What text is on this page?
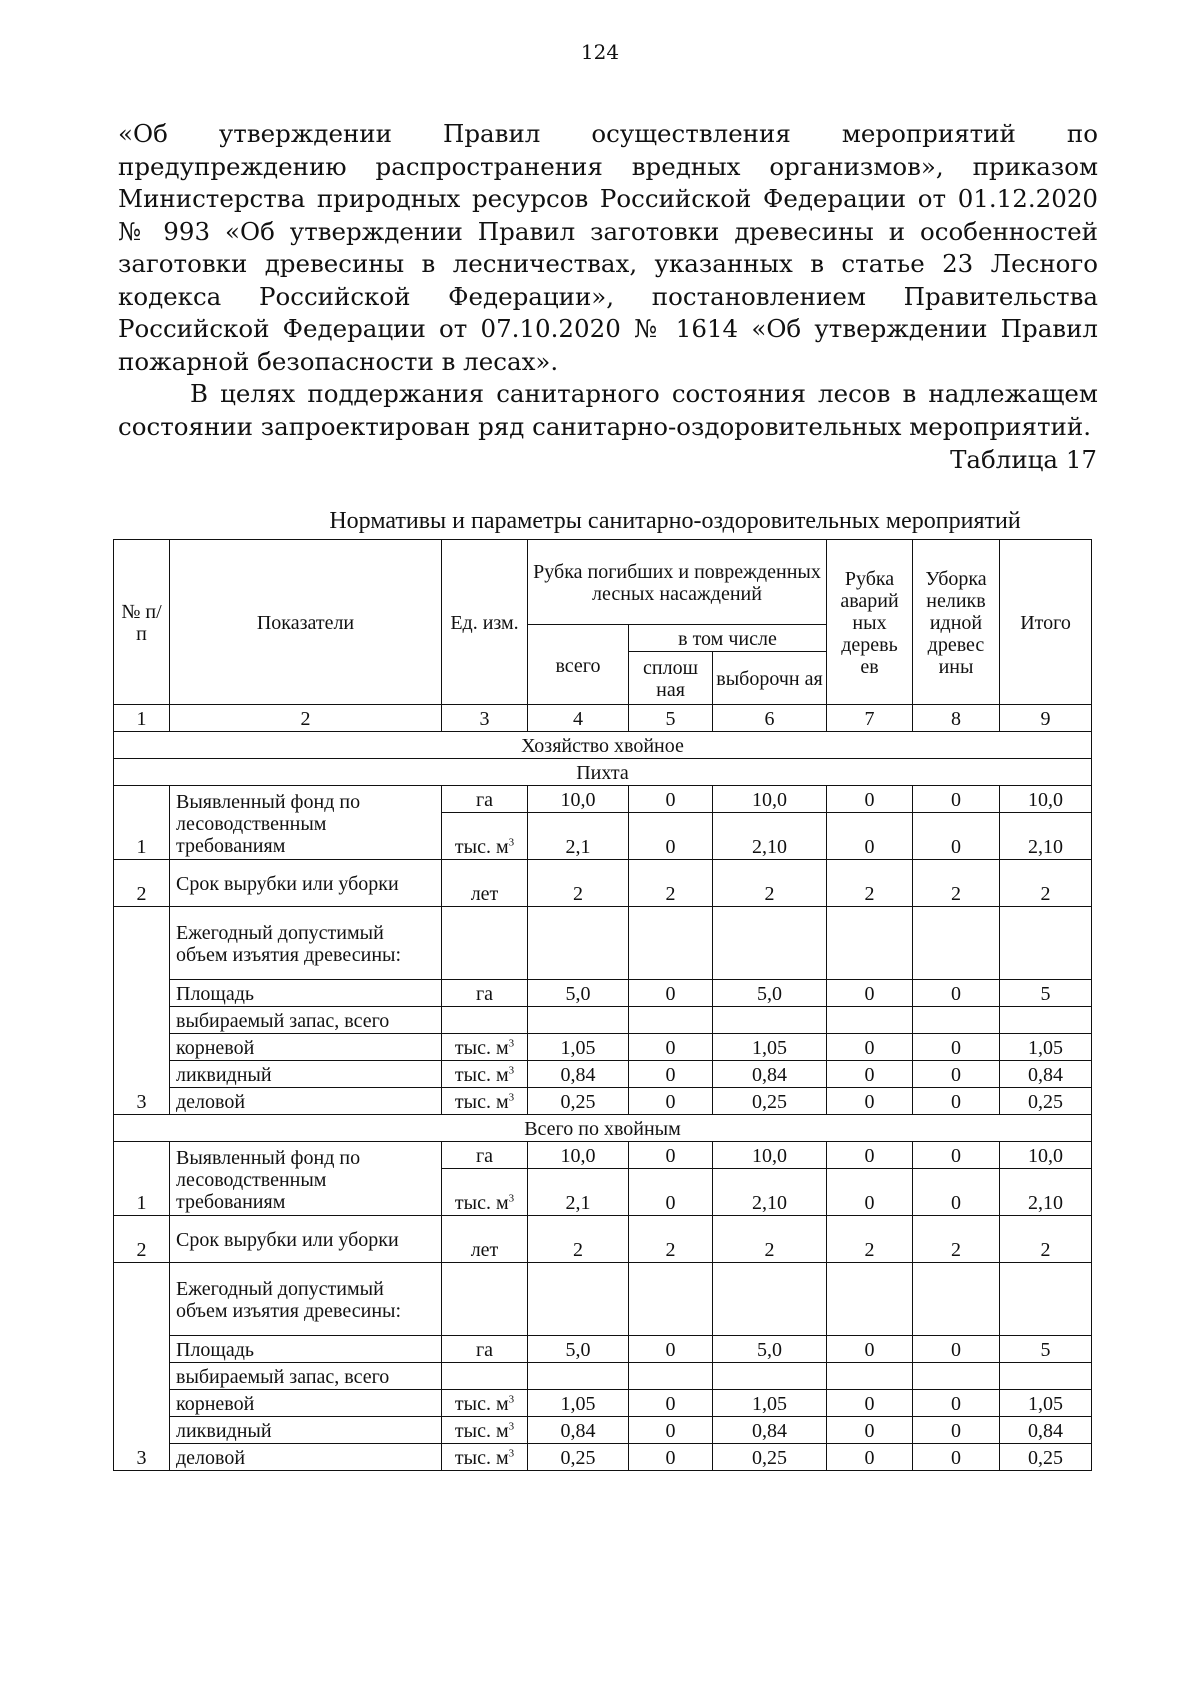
124

«Об утверждении Правил осуществления мероприятий по предупреждению распространения вредных организмов», приказом Министерства природных ресурсов Российской Федерации от 01.12.2020 № 993 «Об утверждении Правил заготовки древесины и особенностей заготовки древесины в лесничествах, указанных в статье 23 Лесного кодекса Российской Федерации», постановлением Правительства Российской Федерации от 07.10.2020 № 1614 «Об утверждении Правил пожарной безопасности в лесах».

В целях поддержания санитарного состояния лесов в надлежащем состоянии запроектирован ряд санитарно-оздоровительных мероприятий.

Таблица 17
Нормативы и параметры санитарно-оздоровительных мероприятий
№ п/п	Показатели	Ед. изм.	Рубка погибших и поврежденных лесных насаждений			Рубка аварий ных деревь ев	Уборка неликв идной древес ины	Итого
			всего	в том числе				
				сплош ная	выборочн ая			
1	2	3	4	5	6	7	8	9
Хозяйство хвойное								
Пихта								
1	Выявленный фонд по лесоводственным требованиям	га	10,0	0	10,0	0	0	10,0
		тыс. $м^3$	2,1	0	2,10	0	0	2,10
2	Срок вырубки или уборки	лет	2	2	2	2	2	2
3	Ежегодный допустимый объем изъятия древесины:							
	Площадь	га	5,0	0	5,0	0	0	5
	выбираемый запас, всего							
	корневой	тыс. $м^3$	1,05	0	1,05	0	0	1,05
	ликвидный	тыс. $м^3$	0,84	0	0,84	0	0	0,84
	деловой	тыс. $м^3$	0,25	0	0,25	0	0	0,25
Всего по хвойным								
1	Выявленный фонд по лесоводственным требованиям	га	10,0	0	10,0	0	0	10,0
		тыс. $м^3$	2,1	0	2,10	0	0	2,10
2	Срок вырубки или уборки	лет	2	2	2	2	2	2
3	Ежегодный допустимый объем изъятия древесины:							
	Площадь	га	5,0	0	5,0	0	0	5
	выбираемый запас, всего							
	корневой	тыс. $м^3$	1,05	0	1,05	0	0	1,05
	ликвидный	тыс. $м^3$	0,84	0	0,84	0	0	0,84
	деловой	тыс. $м^3$	0,25	0	0,25	0	0	0,25
